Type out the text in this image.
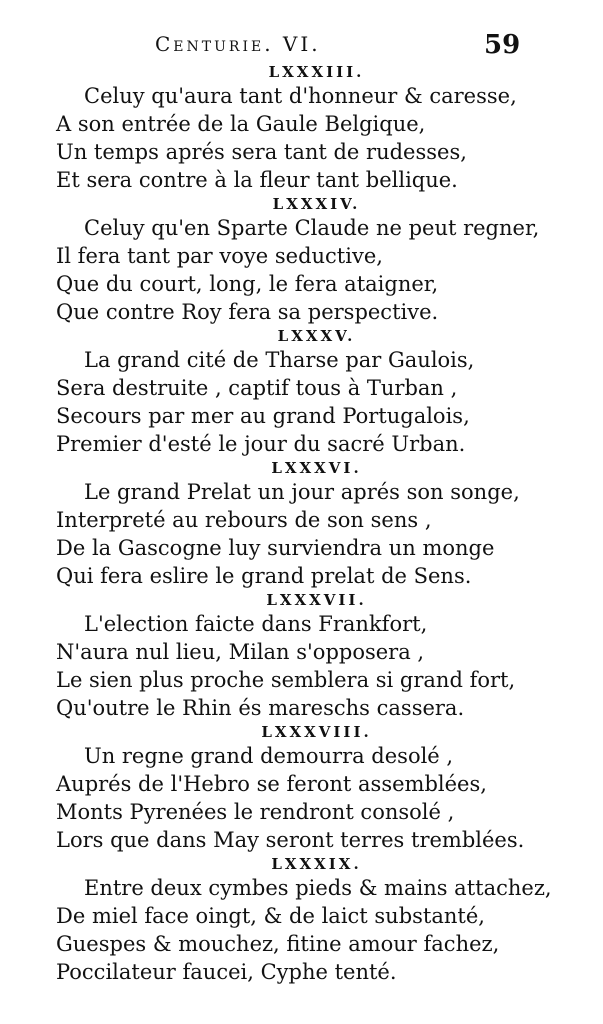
Centurie. VI.	59
LXXXIII.
Celuy qu'aura tant d'honneur & caresse,
A son entrée de la Gaule Belgique,
Un temps aprés sera tant de rudesses,
Et sera contre à la fleur tant bellique.
LXXXIV.
Celuy qu'en Sparte Claude ne peut regner,
Il fera tant par voye seductive,
Que du court, long, le fera ataigner,
Que contre Roy fera sa perspective.
LXXXV.
La grand cité de Tharse par Gaulois,
Sera destruite , captif tous à Turban ,
Secours par mer au grand Portugalois,
Premier d'esté le jour du sacré Urban.
LXXXVI.
Le grand Prelat un jour aprés son songe,
Interpreté au rebours de son sens ,
De la Gascogne luy surviendra un monge
Qui fera eslire le grand prelat de Sens.
LXXXVII.
L'election faicte dans Frankfort,
N'aura nul lieu, Milan s'opposera ,
Le sien plus proche semblera si grand fort,
Qu'outre le Rhin és mareschs cassera.
LXXXVIII.
Un regne grand demourra desolé ,
Auprés de l'Hebro se feront assemblées,
Monts Pyrenées le rendront consolé ,
Lors que dans May seront terres tremblées.
LXXXIX.
Entre deux cymbes pieds & mains attachez,
De miel face oingt, & de laict substanté,
Guespes & mouchez, fitine amour fachez,
Poccilateur faucei, Cyphe tenté.
